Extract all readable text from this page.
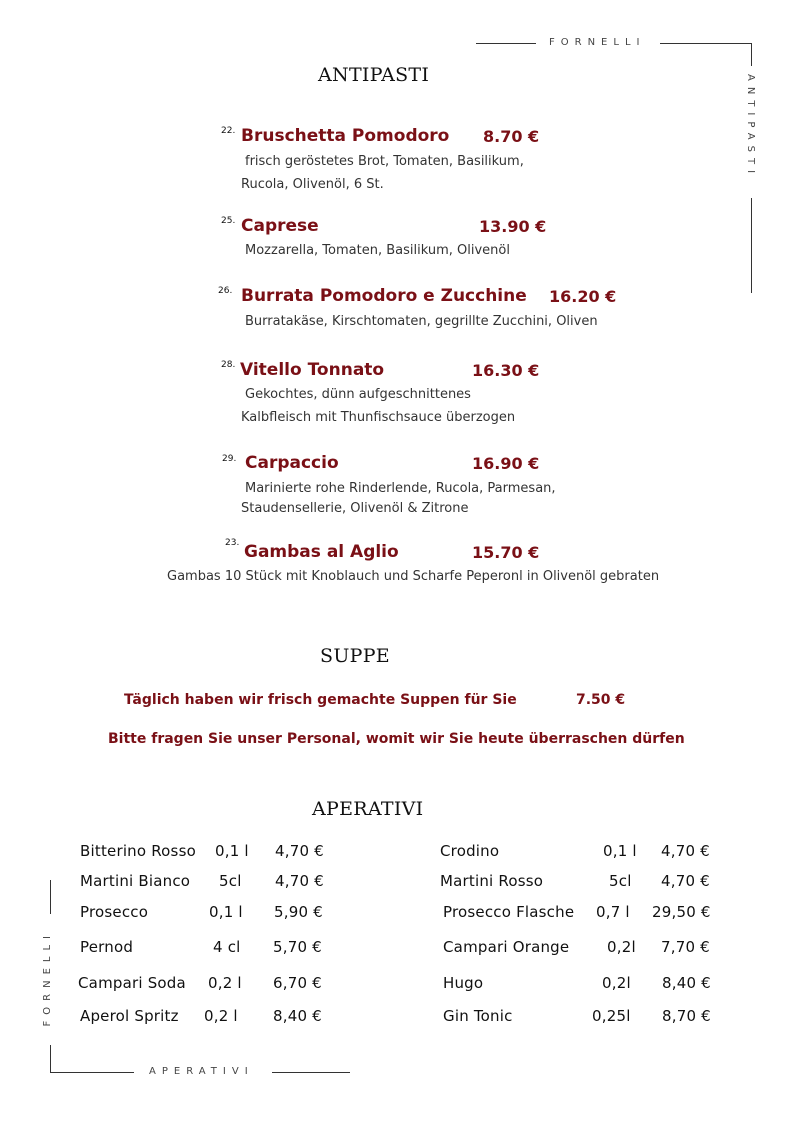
FORNELLI
ANTIPASTI
FORNELLI
APERATIVI
ANTIPASTI
22. Bruschetta Pomodoro 8.70 €
frisch geröstetes Brot, Tomaten, Basilikum,
Rucola, Olivenöl, 6 St.
25. Caprese	13.90 €
Mozzarella, Tomaten, Basilikum, Olivenöl
26. Burrata Pomodoro e Zucchine 16.20 €
Burratakäse, Kirschtomaten, gegrillte Zucchini, Oliven
28. Vitello Tonnato	16.30 €
Gekochtes, dünn aufgeschnittenes
Kalbfleisch mit Thunfischsauce überzogen
29. Carpaccio	16.90 €
Marinierte rohe Rinderlende, Rucola, Parmesan,
Staudensellerie, Olivenöl & Zitrone
23. Gambas al Aglio	15.70 €
Gambas 10 Stück mit Knoblauch und Scharfe Peperonl in Olivenöl gebraten
SUPPE
Täglich haben wir frisch gemachte Suppen für Sie	7.50 €
Bitte fragen Sie unser Personal, womit wir Sie heute überraschen dürfen
APERATIVI
Bitterino Rosso 0,1 l 4,70 €
Martini Bianco 5cl 4,70 €
Prosecco	0,1 l 5,90 €
Pernod	4 cl 5,70 €
Campari Soda 0,2 l 6,70 €
Aperol Spritz 0,2 l 8,40 €
Crodino	0,1 l 4,70 €
Martini Rosso	5cl 4,70 €
Prosecco Flasche 0,7 l 29,50 €
Campari Orange	0,2l 7,70 €
Hugo	0,2l 8,40 €
Gin Tonic	0,25l 8,70 €
